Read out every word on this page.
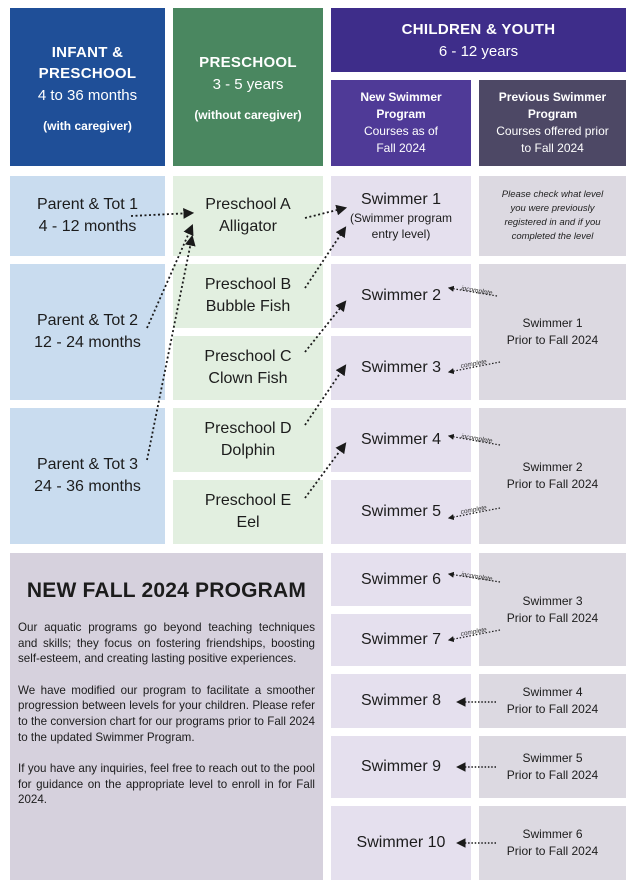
INFANT &
PRESCHOOL
4 to 36 months
(with caregiver)
PRESCHOOL
3 - 5 years
(without caregiver)
CHILDREN & YOUTH
6 - 12 years
New Swimmer
Program
Courses as of
Fall 2024
Previous Swimmer
Program
Courses offered prior
to Fall 2024
Parent & Tot 1
4 - 12 months
Parent & Tot 2
12 - 24 months
Parent & Tot 3
24 - 36 months
Preschool A
Alligator
Preschool B
Bubble Fish
Preschool C
Clown Fish
Preschool D
Dolphin
Preschool E
Eel
Swimmer 1
(Swimmer program
entry level)
Swimmer 2
Swimmer 3
Swimmer 4
Swimmer 5
Swimmer 6
Swimmer 7
Swimmer 8
Swimmer 9
Swimmer 10
Please check what level
you were previously
registered in and if you
completed the level
Swimmer 1
Prior to Fall 2024
Swimmer 2
Prior to Fall 2024
Swimmer 3
Prior to Fall 2024
Swimmer 4
Prior to Fall 2024
Swimmer 5
Prior to Fall 2024
Swimmer 6
Prior to Fall 2024
NEW FALL 2024 PROGRAM

Our aquatic programs go beyond teaching techniques and skills; they focus on fostering friendships, boosting self-esteem, and creating lasting positive experiences.

We have modified our program to facilitate a smoother progression between levels for your children. Please refer to the conversion chart for our programs prior to Fall 2024 to the updated Swimmer Program.

If you have any inquiries, feel free to reach out to the pool for guidance on the appropriate level to enroll in for Fall 2024.

incomplete
complete
incomplete
complete
incomplete
complete
